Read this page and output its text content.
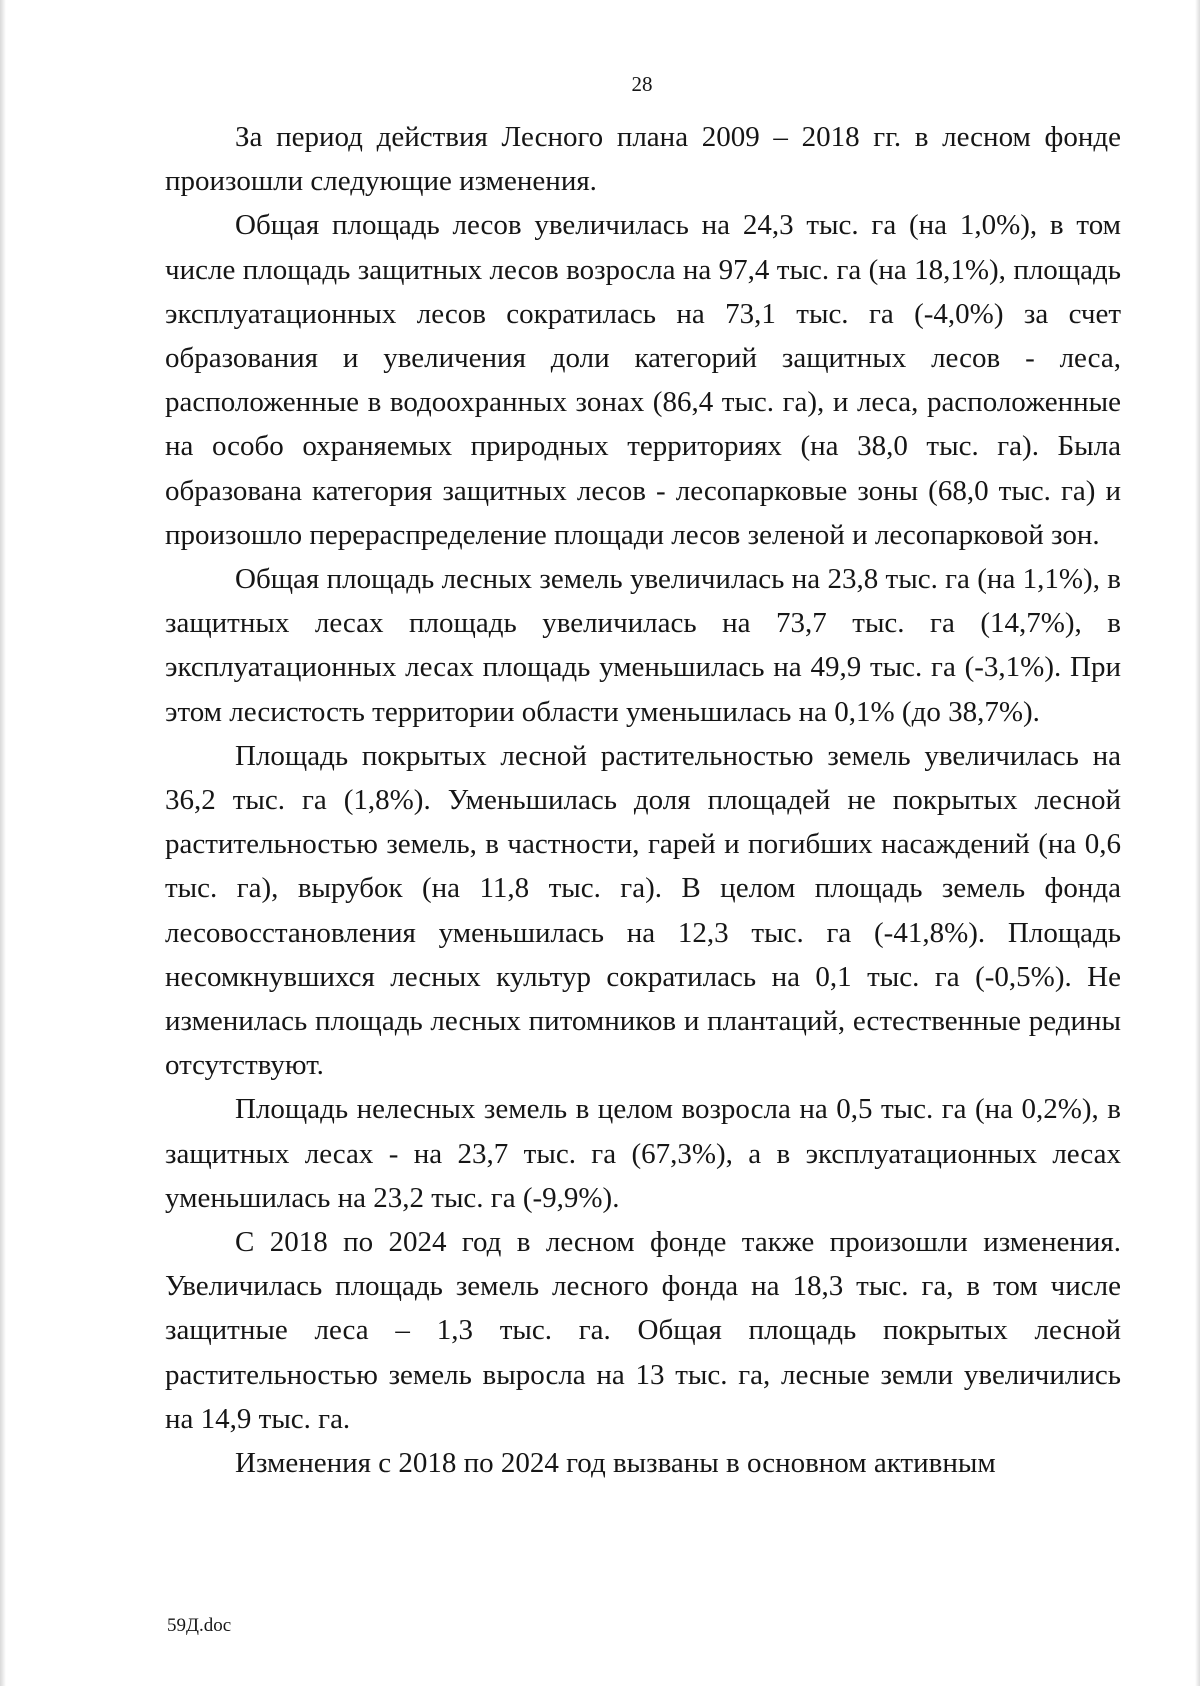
28

За период действия Лесного плана 2009 – 2018 гг. в лесном фонде произошли следующие изменения.

Общая площадь лесов увеличилась на 24,3 тыс. га (на 1,0%), в том числе площадь защитных лесов возросла на 97,4 тыс. га (на 18,1%), площадь эксплуатационных лесов сократилась на 73,1 тыс. га (-4,0%) за счет образования и увеличения доли категорий защитных лесов - леса, расположенные в водоохранных зонах (86,4 тыс. га), и леса, расположенные на особо охраняемых природных территориях (на 38,0 тыс. га). Была образована категория защитных лесов - лесопарковые зоны (68,0 тыс. га) и произошло перераспределение площади лесов зеленой и лесопарковой зон.

Общая площадь лесных земель увеличилась на 23,8 тыс. га (на 1,1%), в защитных лесах площадь увеличилась на 73,7 тыс. га (14,7%), в эксплуатационных лесах площадь уменьшилась на 49,9 тыс. га (-3,1%). При этом лесистость территории области уменьшилась на 0,1% (до 38,7%).

Площадь покрытых лесной растительностью земель увеличилась на 36,2 тыс. га (1,8%). Уменьшилась доля площадей не покрытых лесной растительностью земель, в частности, гарей и погибших насаждений (на 0,6 тыс. га), вырубок (на 11,8 тыс. га). В целом площадь земель фонда лесовосстановления уменьшилась на 12,3 тыс. га (-41,8%). Площадь несомкнувшихся лесных культур сократилась на 0,1 тыс. га (-0,5%). Не изменилась площадь лесных питомников и плантаций, естественные редины отсутствуют.

Площадь нелесных земель в целом возросла на 0,5 тыс. га (на 0,2%), в защитных лесах - на 23,7 тыс. га (67,3%), а в эксплуатационных лесах уменьшилась на 23,2 тыс. га (-9,9%).

С 2018 по 2024 год в лесном фонде также произошли изменения. Увеличилась площадь земель лесного фонда на 18,3 тыс. га, в том числе защитные леса – 1,3 тыс. га. Общая площадь покрытых лесной растительностью земель выросла на 13 тыс. га, лесные земли увеличились на 14,9 тыс. га.

Изменения с 2018 по 2024 год вызваны в основном активным

59Д.doc
